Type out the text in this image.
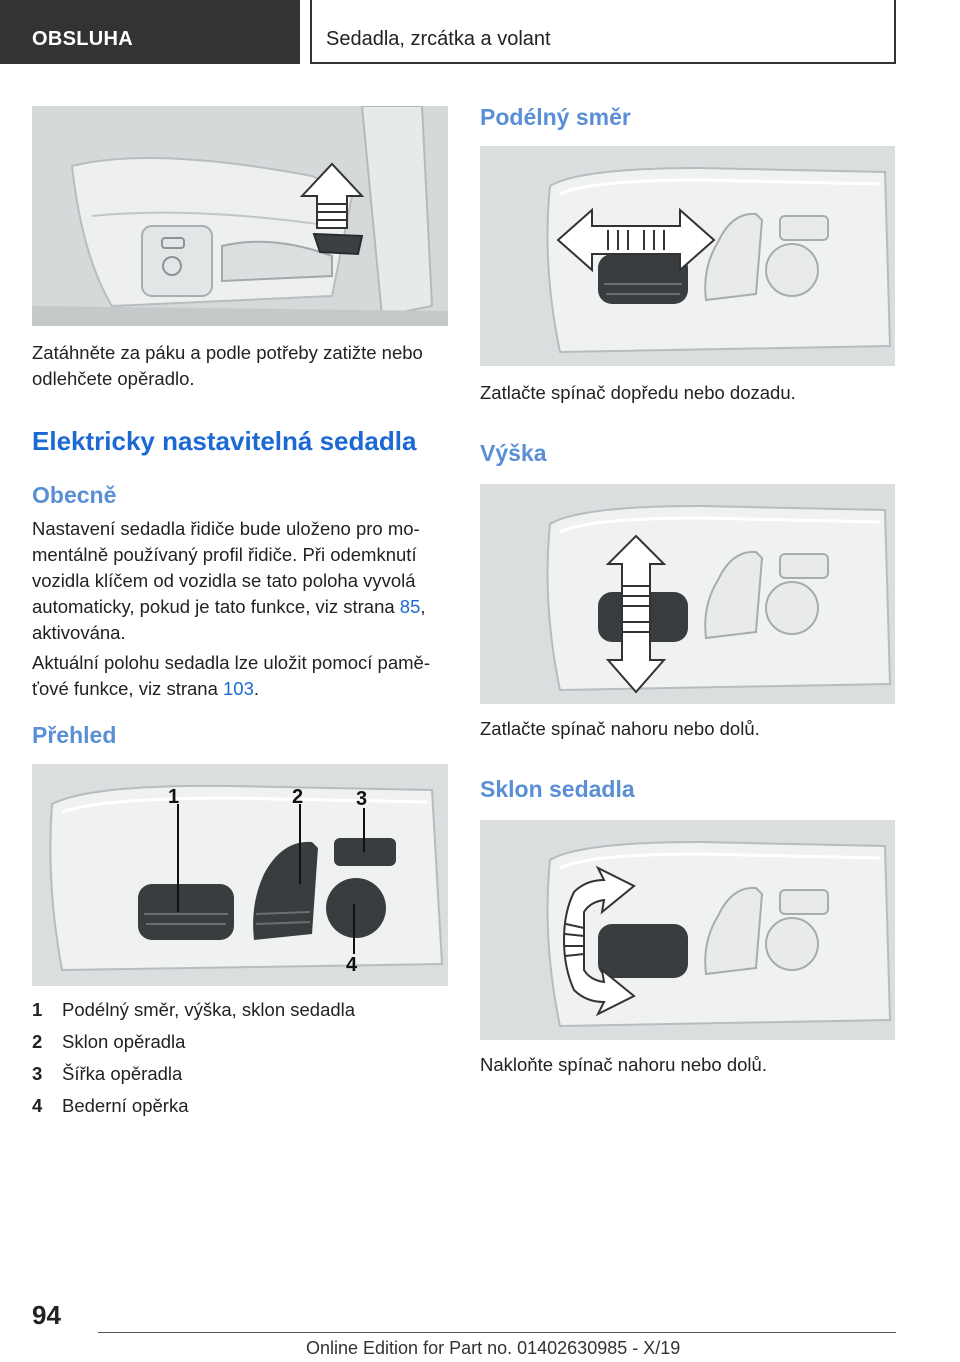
OBSLUHA	Sedadla, zrcátka a volant
Zatáhněte za páku a podle potřeby zatižte nebo odlehčete opěradlo.
Elektricky nastavitelná sedadla
Obecně
Nastavení sedadla řidiče bude uloženo pro momentálně používaný profil řidiče. Při odemknutí vozidla klíčem od vozidla se tato poloha vyvolá automaticky, pokud je tato funkce, viz strana 85, aktivována.
Aktuální polohu sedadla lze uložit pomocí paměťové funkce, viz strana 103.
Přehled
1	2	3
4
1	Podélný směr, výška, sklon sedadla
2	Sklon opěradla
3	Šířka opěradla
4	Bederní opěrka
Podélný směr
Zatlačte spínač dopředu nebo dozadu.
Výška
Zatlačte spínač nahoru nebo dolů.
Sklon sedadla
Nakloňte spínač nahoru nebo dolů.
94
Online Edition for Part no. 01402630985 - X/19
